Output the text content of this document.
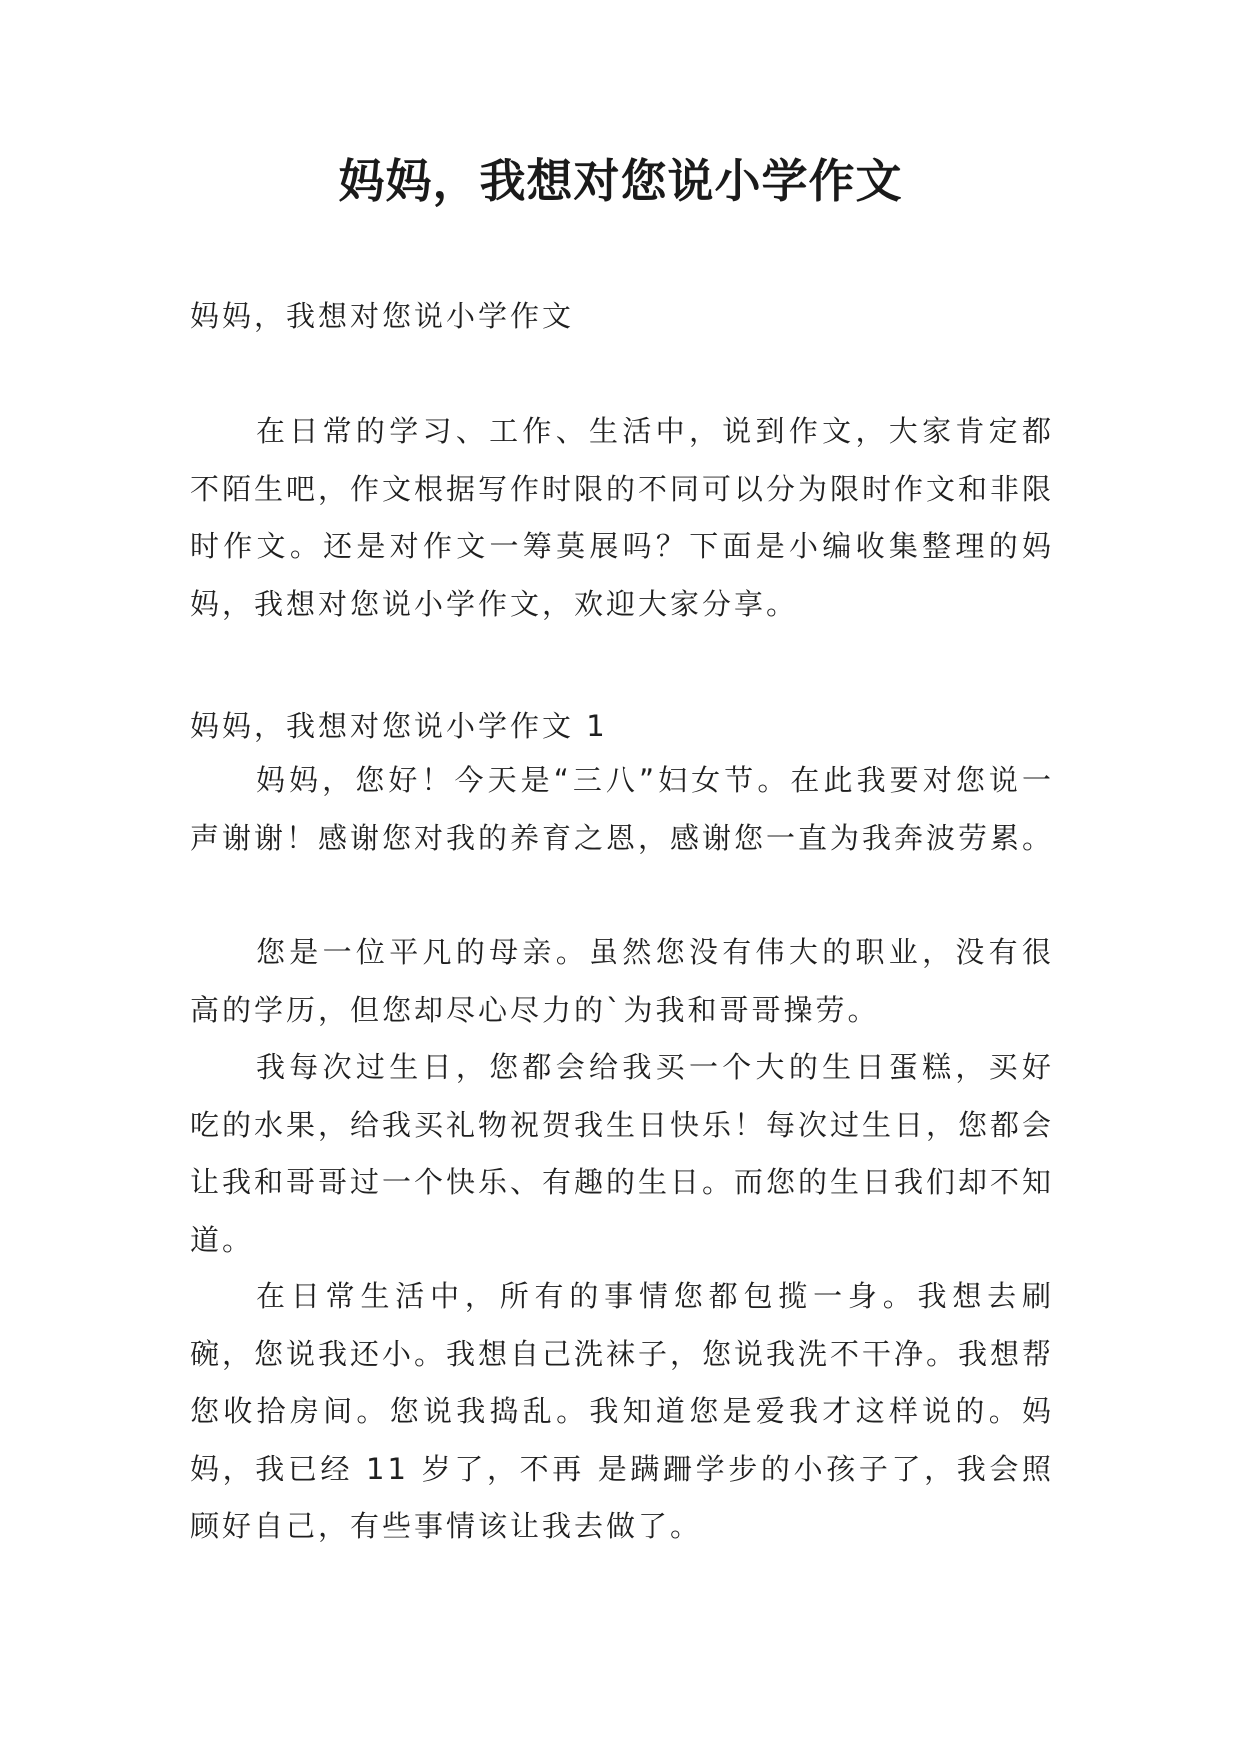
妈妈，我想对您说小学作文
妈妈，我想对您说小学作文

在日常的学习、工作、生活中，说到作文，大家肯定都不陌生吧，作文根据写作时限的不同可以分为限时作文和非限时作文。还是对作文一筹莫展吗？下面是小编收集整理的妈妈，我想对您说小学作文，欢迎大家分享。

妈妈，我想对您说小学作文 1

妈妈，您好！今天是“三八”妇女节。在此我要对您说一声谢谢！感谢您对我的养育之恩，感谢您一直为我奔波劳累。

您是一位平凡的母亲。虽然您没有伟大的职业，没有很高的学历，但您却尽心尽力的`为我和哥哥操劳。

我每次过生日，您都会给我买一个大的生日蛋糕，买好吃的水果，给我买礼物祝贺我生日快乐！每次过生日，您都会让我和哥哥过一个快乐、有趣的生日。而您的生日我们却不知道。

在日常生活中，所有的事情您都包揽一身。我想去刷碗，您说我还小。我想自己洗袜子，您说我洗不干净。我想帮您收拾房间。您说我捣乱。我知道您是爱我才这样说的。妈妈，我已经 11 岁了，不再 是蹒跚学步的小孩子了，我会照顾好自己，有些事情该让我去做了。
